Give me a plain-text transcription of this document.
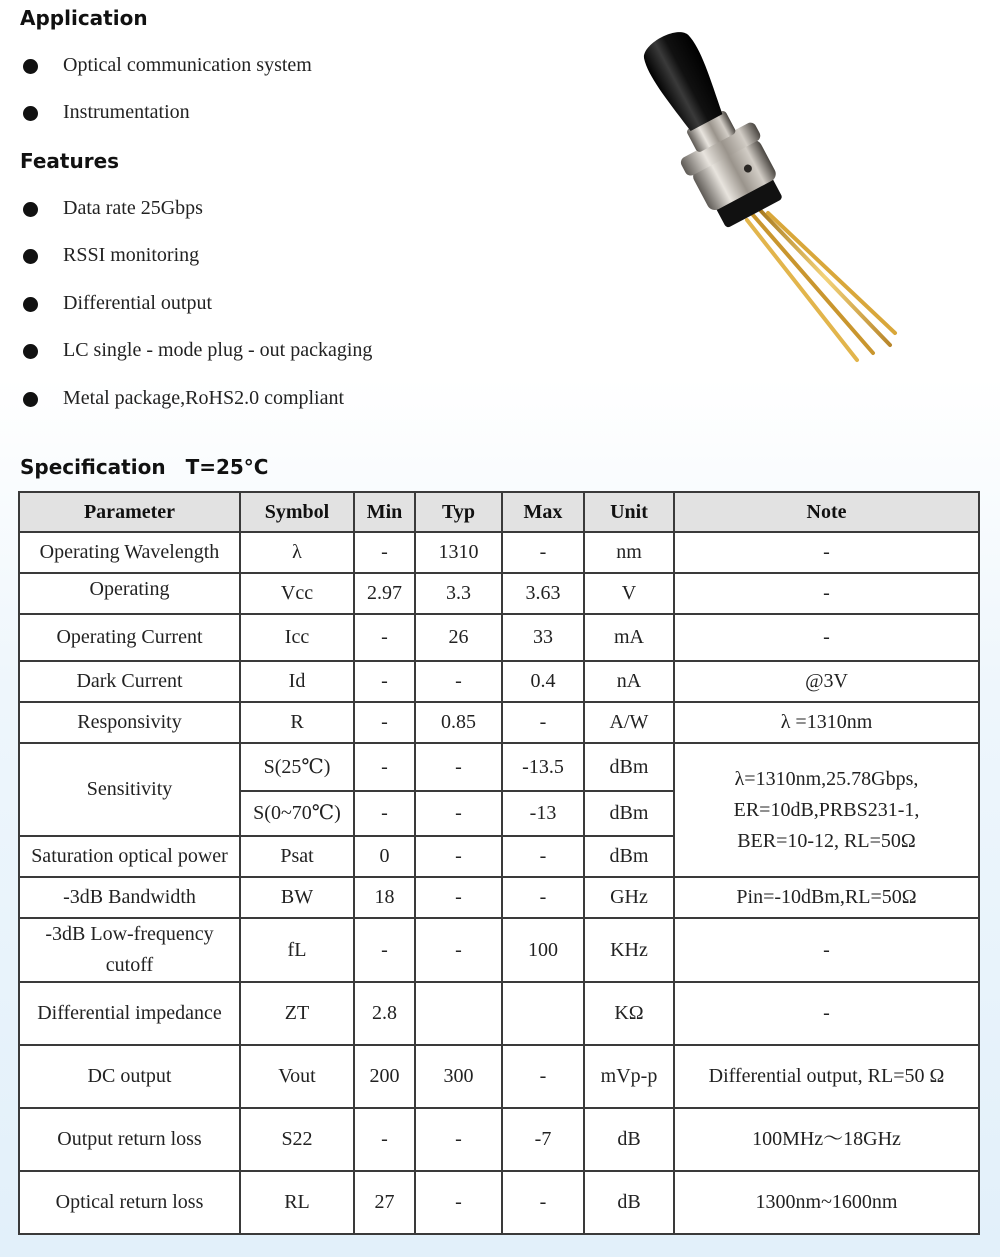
Application
Optical communication system
Instrumentation
Features
Data rate 25Gbps
RSSI monitoring
Differential output
LC single - mode plug - out packaging
Metal package,RoHS2.0 compliant
Specification T=25°C
Parameter	Symbol	Min	Typ	Max	Unit	Note
Operating Wavelength	λ	-	1310	-	nm	-
Operating	Vcc	2.97	3.3	3.63	V	-
Operating Current	Icc	-	26	33	mA	-
Dark Current	Id	-	-	0.4	nA	@3V
Responsivity	R	-	0.85	-	A/W	λ =1310nm
Sensitivity	S(25℃)	-	-	-13.5	dBm	λ=1310nm,25.78Gbps,
ER=10dB,PRBS231-1,
BER=10-12, RL=50Ω

	S(0~70℃)	-	-	-13	dBm	
Saturation optical power	Psat	0	-	-	dBm	
-3dB Bandwidth	BW	18	-	-	GHz	Pin=-10dBm,RL=50Ω

-3dB Low-frequency
cutoff	fL	-	-	100	KHz	-
Differential impedance	ZT	2.8			KΩ	-
DC output	Vout	200	300	-	mVp-p	Differential output, RL=50 Ω
Output return loss	S22	-	-	-7	dB	100MHz～18GHz
Optical return loss	RL	27	-	-	dB	1300nm~1600nm
